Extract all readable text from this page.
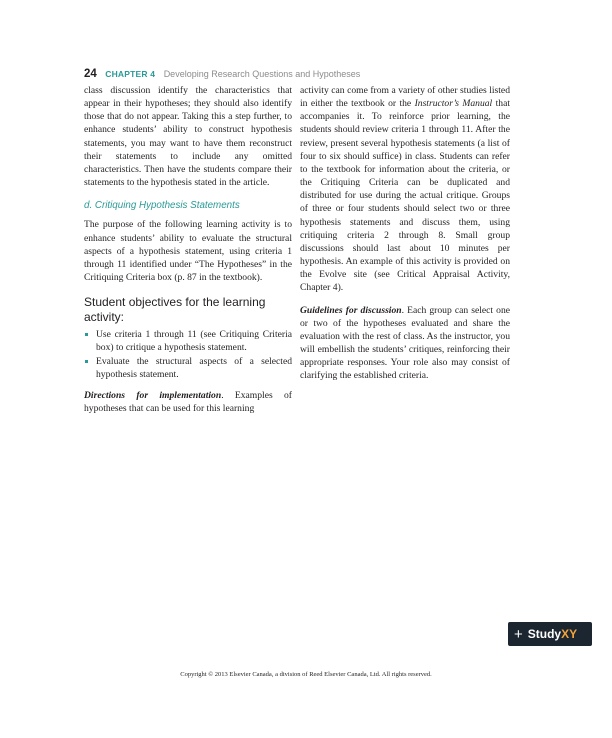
24 CHAPTER 4 Developing Research Questions and Hypotheses

class discussion identify the characteristics that appear in their hypotheses; they should also identify those that do not appear. Taking this a step further, to enhance students’ ability to construct hypothesis statements, you may want to have them reconstruct their statements to include any omitted characteristics. Then have the students compare their statements to the hypothesis stated in the article.

d. Critiquing Hypothesis Statements

The purpose of the following learning activity is to enhance students’ ability to evaluate the structural aspects of a hypothesis statement, using criteria 1 through 11 identified under “The Hypotheses” in the Critiquing Criteria box (p. 87 in the textbook).

Student objectives for the learning activity:
Use criteria 1 through 11 (see Critiquing Criteria box) to critique a hypothesis statement.
Evaluate the structural aspects of a selected hypothesis statement.

Directions for implementation. Examples of hypotheses that can be used for this learning

activity can come from a variety of other studies listed in either the textbook or the Instructor’s Manual that accompanies it. To reinforce prior learning, the students should review criteria 1 through 11. After the review, present several hypothesis statements (a list of four to six should suffice) in class. Students can refer to the textbook for information about the criteria, or the Critiquing Criteria can be duplicated and distributed for use during the actual critique. Groups of three or four students should select two or three hypothesis statements and discuss them, using critiquing criteria 2 through 8. Small group discussions should last about 10 minutes per hypothesis. An example of this activity is provided on the Evolve site (see Critical Appraisal Activity, Chapter 4).

Guidelines for discussion. Each group can select one or two of the hypotheses evaluated and share the evaluation with the rest of class. As the instructor, you will embellish the students’ critiques, reinforcing their appropriate responses. Your role also may consist of clarifying the established criteria.

+ Study XY
Copyright © 2013 Elsevier Canada, a division of Reed Elsevier Canada, Ltd. All rights reserved.
